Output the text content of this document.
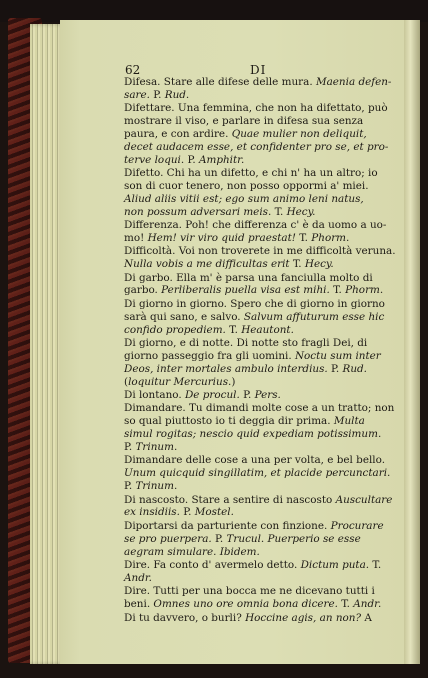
62	DI
Difesa. Stare alle difese delle mura. Maenia defen-
sare. P. Rud.
Difettare. Una femmina, che non ha difettato, può
mostrare il viso, e parlare in difesa sua senza
paura, e con ardire. Quae mulier non deliquit,
decet audacem esse, et confidenter pro se, et pro-
terve loqui. P. Amphitr.
Difetto. Chi ha un difetto, e chi n' ha un altro; io
son di cuor tenero, non posso oppormi a' miei.
Aliud aliis vitii est; ego sum animo leni natus,
non possum adversari meis. T. Hecy.
Differenza. Poh! che differenza c' è da uomo a uo-
mo! Hem! vir viro quid praestat! T. Phorm.
Difficoltà. Voi non troverete in me difficoltà veruna.
Nulla vobis a me difficultas erit T. Hecy.
Di garbo. Ella m' è parsa una fanciulla molto di
garbo. Perliberalis puella visa est mihi. T. Phorm.
Di giorno in giorno. Spero che di giorno in giorno
sarà qui sano, e salvo. Salvum affuturum esse hic
confido propediem. T. Heautont.
Di giorno, e di notte. Di notte sto fragli Dei, di
giorno passeggio fra gli uomini. Noctu sum inter
Deos, inter mortales ambulo interdius. P. Rud.
(loquitur Mercurius.)
Di lontano. De procul. P. Pers.
Dimandare. Tu dimandi molte cose a un tratto; non
so qual piuttosto io ti deggia dir prima. Multa
simul rogitas; nescio quid expediam potissimum.
P. Trinum.
Dimandare delle cose a una per volta, e bel bello.
Unum quicquid singillatim, et placide percunctari.
P. Trinum.
Di nascosto. Stare a sentire di nascosto Auscultare
ex insidiis. P. Mostel.
Diportarsi da parturiente con finzione. Procurare
se pro puerpera. P. Trucul. Puerperio se esse
aegram simulare. Ibidem.
Dire. Fa conto d' avermelo detto. Dictum puta. T.
Andr.
Dire. Tutti per una bocca me ne dicevano tutti i
beni. Omnes uno ore omnia bona dicere. T. Andr.
Di tu davvero, o burli? Hoccine agis, an non? A
